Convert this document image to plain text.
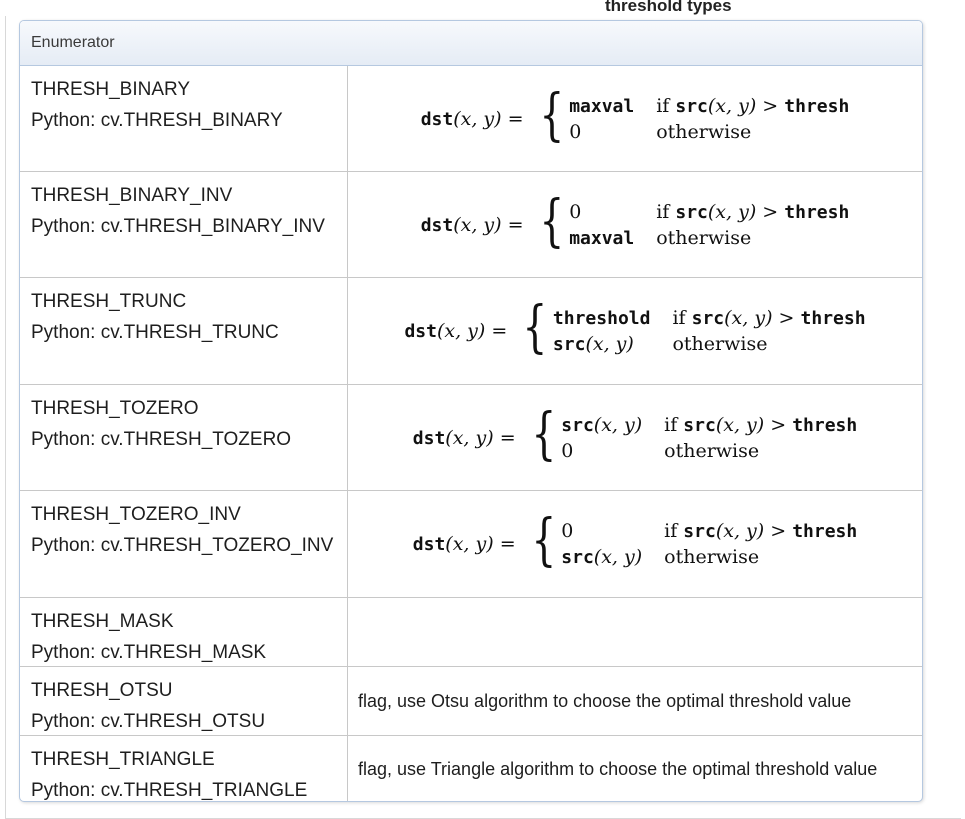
threshold types
Enumerator
THRESH_BINARY
Python: cv.THRESH_BINARY	dst(x, y) = { maxval if src(x, y) > thresh
0	otherwise
THRESH_BINARY_INV
Python: cv.THRESH_BINARY_INV	dst(x, y) = { 0	if src(x, y) > thresh
maxval otherwise
THRESH_TRUNC
Python: cv.THRESH_TRUNC	dst(x, y) = { threshold if src(x, y) > thresh
src(x, y)	otherwise
THRESH_TOZERO
Python: cv.THRESH_TOZERO	dst(x, y) = { src(x, y) if src(x, y) > thresh
0	otherwise
THRESH_TOZERO_INV
Python: cv.THRESH_TOZERO_INV	dst(x, y) = { 0	if src(x, y) > thresh
src(x, y) otherwise
THRESH_MASK
Python: cv.THRESH_MASK
THRESH_OTSU
Python: cv.THRESH_OTSU
flag, use Otsu algorithm to choose the optimal threshold value
THRESH_TRIANGLE
Python: cv.THRESH_TRIANGLE
flag, use Triangle algorithm to choose the optimal threshold value
